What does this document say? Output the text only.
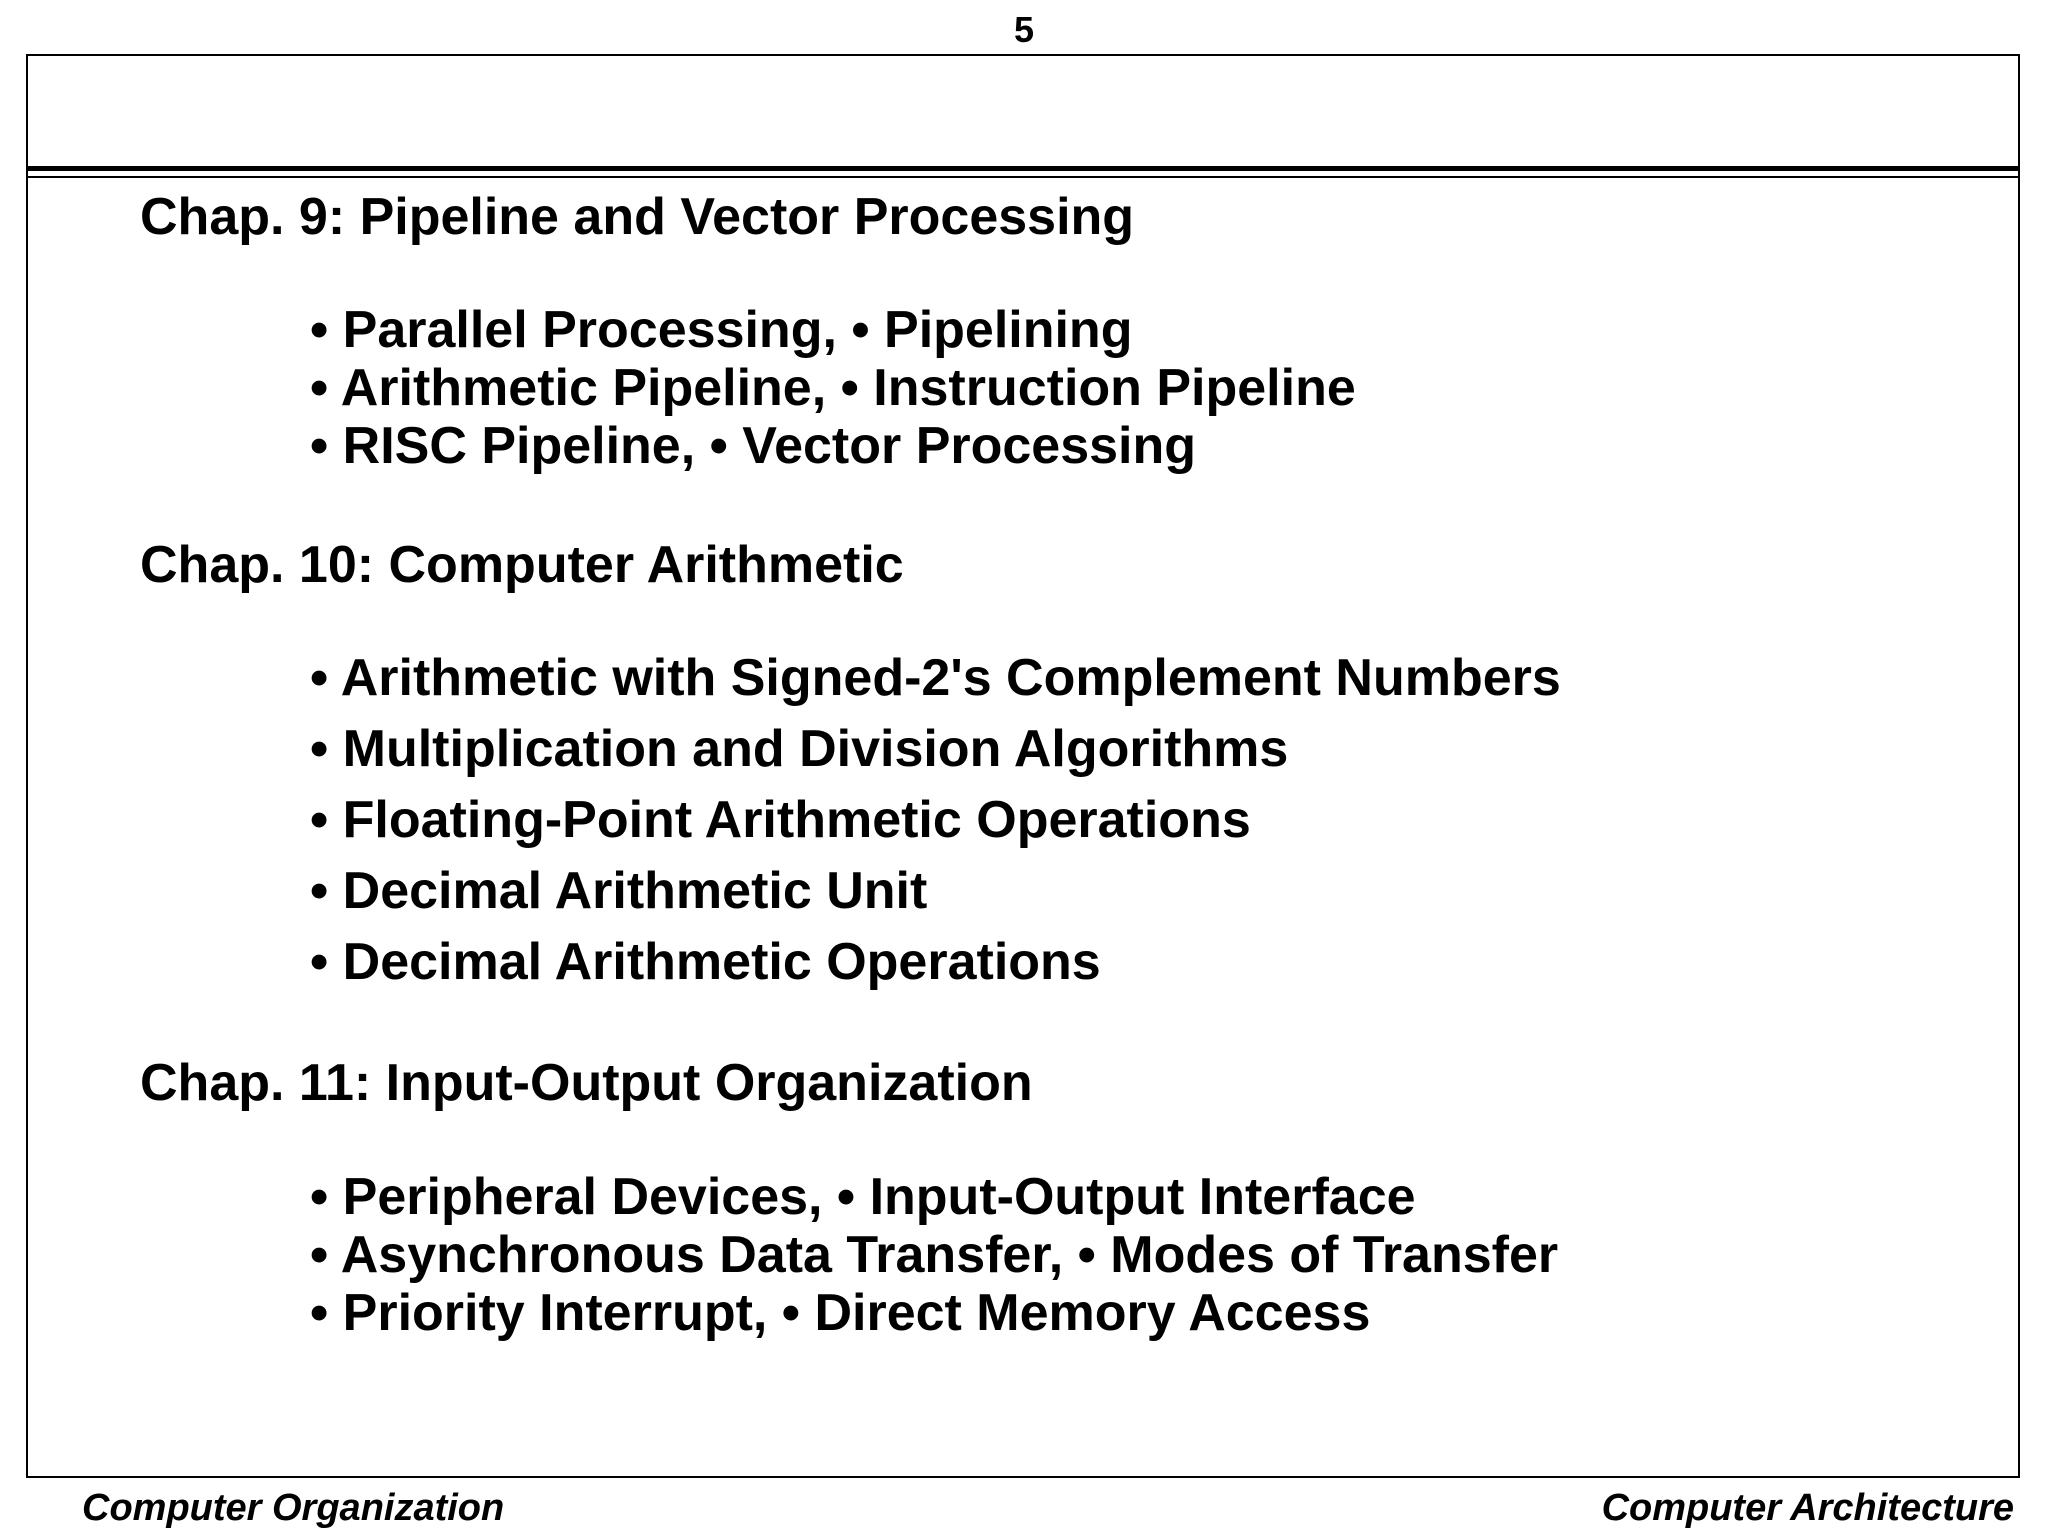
5
Chap. 9: Pipeline and Vector Processing
• Parallel Processing, • Pipelining
• Arithmetic Pipeline, • Instruction Pipeline
• RISC Pipeline, • Vector Processing
Chap. 10: Computer Arithmetic
• Arithmetic with Signed-2's Complement Numbers
• Multiplication and Division Algorithms
• Floating-Point Arithmetic Operations
• Decimal Arithmetic Unit
• Decimal Arithmetic Operations
Chap. 11: Input-Output Organization
• Peripheral Devices, • Input-Output Interface
• Asynchronous Data Transfer, • Modes of Transfer
• Priority Interrupt, • Direct Memory Access
Computer Organization	Computer Architecture
